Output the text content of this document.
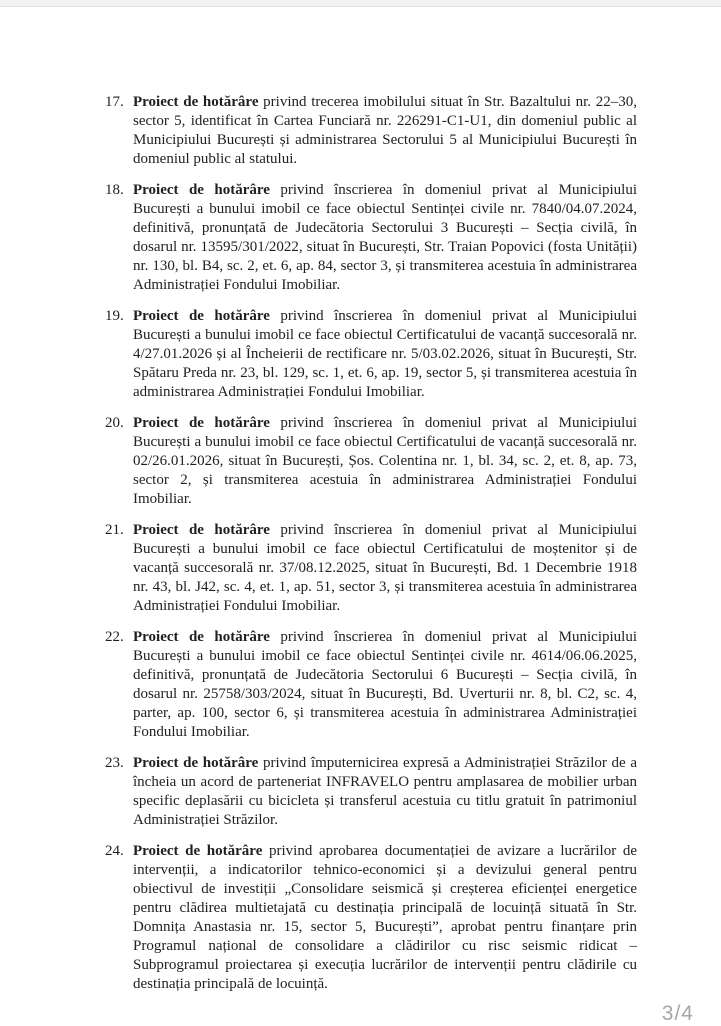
17. Proiect de hotărâre privind trecerea imobilului situat în Str. Bazaltului nr. 22–30, sector 5, identificat în Cartea Funciară nr. 226291-C1-U1, din domeniul public al Municipiului București și administrarea Sectorului 5 al Municipiului București în domeniul public al statului.
18. Proiect de hotărâre privind înscrierea în domeniul privat al Municipiului București a bunului imobil ce face obiectul Sentinței civile nr. 7840/04.07.2024, definitivă, pronunțată de Judecătoria Sectorului 3 București – Secția civilă, în dosarul nr. 13595/301/2022, situat în București, Str. Traian Popovici (fosta Unității) nr. 130, bl. B4, sc. 2, et. 6, ap. 84, sector 3, și transmiterea acestuia în administrarea Administrației Fondului Imobiliar.
19. Proiect de hotărâre privind înscrierea în domeniul privat al Municipiului București a bunului imobil ce face obiectul Certificatului de vacanță succesorală nr. 4/27.01.2026 și al Încheierii de rectificare nr. 5/03.02.2026, situat în București, Str. Spătaru Preda nr. 23, bl. 129, sc. 1, et. 6, ap. 19, sector 5, și transmiterea acestuia în administrarea Administrației Fondului Imobiliar.
20. Proiect de hotărâre privind înscrierea în domeniul privat al Municipiului București a bunului imobil ce face obiectul Certificatului de vacanță succesorală nr. 02/26.01.2026, situat în București, Șos. Colentina nr. 1, bl. 34, sc. 2, et. 8, ap. 73, sector 2, și transmiterea acestuia în administrarea Administrației Fondului Imobiliar.
21. Proiect de hotărâre privind înscrierea în domeniul privat al Municipiului București a bunului imobil ce face obiectul Certificatului de moștenitor și de vacanță succesorală nr. 37/08.12.2025, situat în București, Bd. 1 Decembrie 1918 nr. 43, bl. J42, sc. 4, et. 1, ap. 51, sector 3, și transmiterea acestuia în administrarea Administrației Fondului Imobiliar.
22. Proiect de hotărâre privind înscrierea în domeniul privat al Municipiului București a bunului imobil ce face obiectul Sentinței civile nr. 4614/06.06.2025, definitivă, pronunțată de Judecătoria Sectorului 6 București – Secția civilă, în dosarul nr. 25758/303/2024, situat în București, Bd. Uverturii nr. 8, bl. C2, sc. 4, parter, ap. 100, sector 6, și transmiterea acestuia în administrarea Administrației Fondului Imobiliar.
23. Proiect de hotărâre privind împuternicirea expresă a Administrației Străzilor de a încheia un acord de parteneriat INFRAVELO pentru amplasarea de mobilier urban specific deplasării cu bicicleta și transferul acestuia cu titlu gratuit în patrimoniul Administrației Străzilor.
24. Proiect de hotărâre privind aprobarea documentației de avizare a lucrărilor de intervenții, a indicatorilor tehnico-economici și a devizului general pentru obiectivul de investiții „Consolidare seismică și creșterea eficienței energetice pentru clădirea multietajată cu destinația principală de locuință situată în Str. Domnița Anastasia nr. 15, sector 5, București”, aprobat pentru finanțare prin Programul național de consolidare a clădirilor cu risc seismic ridicat – Subprogramul proiectarea și execuția lucrărilor de intervenții pentru clădirile cu destinația principală de locuință.
3/4
